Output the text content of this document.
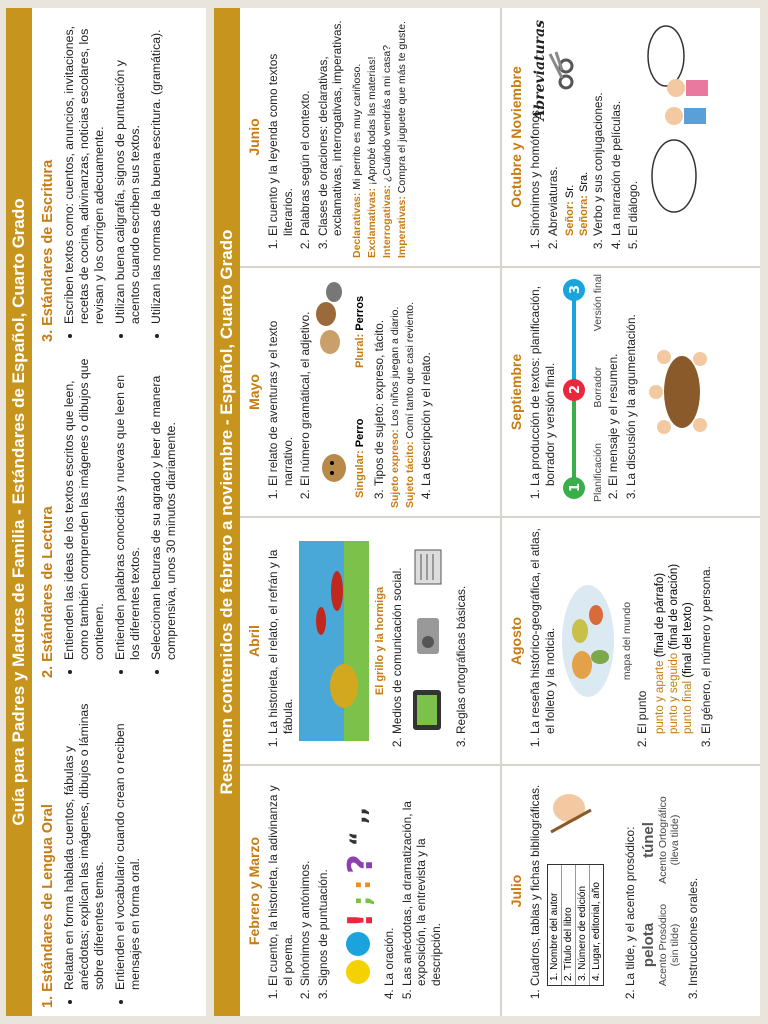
Guía para Padres y Madres de Familia - Estándares de Español, Cuarto Grado
1. Estándares de Lengua Oral • Relatan en forma hablada cuentos, fábulas y anécdotas; explican las imágenes, dibujos o láminas sobre diferentes temas. • Entienden el vocabulario cuando crean o reciben mensajes en forma oral.
2. Estándares de Lectura • Entienden las ideas de los textos escritos que leen, como también comprenden las imágenes o dibujos que contienen. • Entienden palabras conocidas y nuevas que leen en los diferentes textos. • Seleccionan lecturas de su agrado y leer de manera comprensiva, unos 30 minutos diariamente.
3. Estándares de Escritura • Escriben textos como: cuentos, anuncios, invitaciones, recetas de cocina, adivinanzas, noticias escolares, los revisan y los corrigen adecuamente. • Utilizan buena caligrafía, signos de puntuación y acentos cuando escriben sus textos. • Utilizan las normas de la buena escritura. (gramática).
Resumen contenidos de febrero a noviembre - Español, Cuarto Grado
Febrero y Marzo 1. El cuento, la historieta, la adivinanza y el poema. 2. Sinónimos y antónimos. 3. Signos de puntuación. !
;
:
?
“ ,,
4. La oración. 5. Las anécdotas, la dramatización, la exposición, la entrevista y la descripción.
Abril 1. La historieta, el relato, el refrán y la fábula.
El grillo y la hormiga 2. Medios de comunicación social.	3. Reglas ortográficas básicas.
Mayo 1. El relato de aventuras y el texto narrativo. 2. El número gramátical, el adjetivo.	Singular: Perro
Plural: Perros
3. Tipos de sujeto: expreso, tácito. Sujeto expreso: Los niños juegan a diario.
Sujeto tácito: Comí tanto que casi reviento. 4. La descripción y el relato.
Junio 1. El cuento y la leyenda como textos literarios. 2. Palabras según el contexto. 3. Clases de oraciones: declarativas, exclamativas, interrogativas, imperativas. Declarativas: Mi perrito es muy cariñoso.
Exclamativas: ¡Aprobé todas las materias!
Interrogativas: ¿Cuándo vendrás a mi casa?
Imperativas: Compra el juguete que más te guste.
Julio 1. Cuadros, tablas y fichas bibliográficas. 1. Nombre del autor 2. Título del libro 3. Número de edición 4. Lugar, editorial, año 2. La tilde, y el acento prosódico: pelota Acento Prosódico (sin tilde)
túnel Acento Ortográfico (lleva tilde)
3. Instrucciones orales.
Agosto 1. La reseña histórico-geográfica, el atlas, el folleto y la noticia.	mapa del mundo
2. El punto punto y aparte (final de párrafo)
punto y seguido (final de oración)
punto final (final del texto) 3. El género, el número y persona.
Septiembre 1. La producción de textos: planificación, borrador y versión final.
1
2
3
Planificación
Borrador
Versión final
2. El mensaje y el resumen. 3. La discusión y la argumentación.
Octubre y Noviembre 1. Sinónimos y homófonos. 2. Abreviaturas. Señor: Sr.
Señora: Sra.
Abreviaturas
3. Verbo y sus conjugaciones. 4. La narración de películas. 5. El diálogo.
